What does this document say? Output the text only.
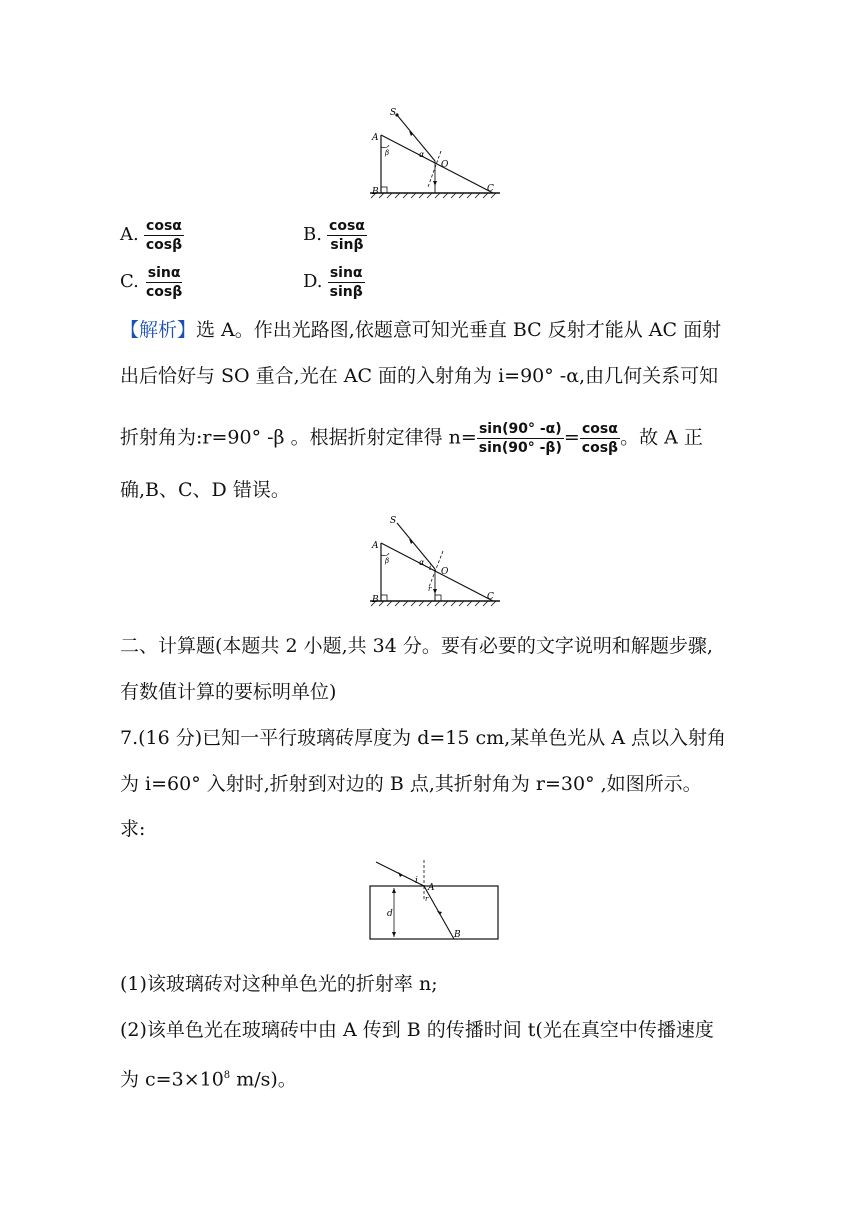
S
A
B	C
O
α
β
A. $\frac{\cos\alpha}{\cos\beta}$	B. $\frac{\cos\alpha}{\sin\beta}$
C. $\frac{\sin\alpha}{\cos\beta}$	D. $\frac{\sin\alpha}{\sin\beta}$
【解析】选 A。作出光路图,依题意可知光垂直 BC 反射才能从 AC 面射
出后恰好与 SO 重合,光在 AC 面的入射角为 i=90° -α,由几何关系可知
折射角为:r=90° -β 。根据折射定律得 $n= \frac{\sin(90^\circ -\alpha)}{\sin(90^\circ -\beta)} = \frac{\cos\alpha}{\cos\beta}$ 。故 A 正
确,B、C、D 错误。
S
A
B	C
O
α
β
i
r
二、计算题(本题共 2 小题,共 34 分。要有必要的文字说明和解题步骤,
有数值计算的要标明单位)
7.(16 分)已知一平行玻璃砖厚度为 d=15 cm,某单色光从 A 点以入射角
为 i=60° 入射时,折射到对边的 B 点,其折射角为 r=30° ,如图所示。
求:
i
A
d
r
B
(1)该玻璃砖对这种单色光的折射率 n;
(2)该单色光在玻璃砖中由 A 传到 B 的传播时间 t(光在真空中传播速度
为 $c=3\times 10^8$ m/s)。
